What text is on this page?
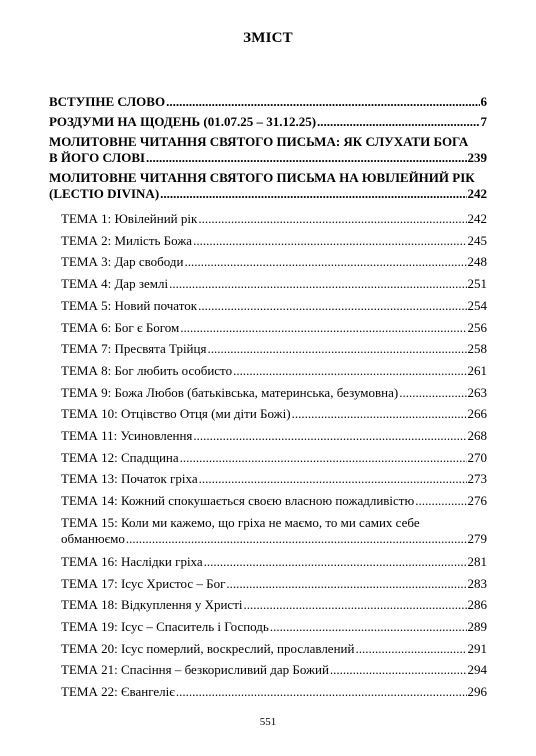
ЗМІСТ
ВСТУПНЕ СЛОВО .....	6
РОЗДУМИ НА ЩОДЕНЬ (01.07.25 – 31.12.25) .....	7
МОЛИТОВНЕ ЧИТАННЯ СВЯТОГО ПИСЬМА: ЯК СЛУХАТИ БОГА
В ЙОГО СЛОВІ .....	239
МОЛИТОВНЕ ЧИТАННЯ СВЯТОГО ПИСЬМА НА ЮВІЛЕЙНИЙ РІК
(LECTIO DIVINA) .....	242
ТЕМА 1: Ювілейний рік .....	242
ТЕМА 2: Милість Божа .....	245
ТЕМА 3: Дар свободи .....	248
ТЕМА 4: Дар землі .....	251
ТЕМА 5: Новий початок .....	254
ТЕМА 6: Бог є Богом .....	256
ТЕМА 7: Пресвята Трійця .....	258
ТЕМА 8: Бог любить особисто .....	261
ТЕМА 9: Божа Любов (батьківська, материнська, безумовна) .....	263
ТЕМА 10: Отцівство Отця (ми діти Божі) .....	266
ТЕМА 11: Усиновлення .....	268
ТЕМА 12: Спадщина .....	270
ТЕМА 13: Початок гріха .....	273
ТЕМА 14: Кожний спокушається своєю власною пожадливістю .....	276
ТЕМА 15: Коли ми кажемо, що гріха не маємо, то ми самих себе
обманюємо .....	279
ТЕМА 16: Наслідки гріха .....	281
ТЕМА 17: Ісус Христос – Бог .....	283
ТЕМА 18: Відкуплення у Христі .....	286
ТЕМА 19: Ісус – Спаситель і Господь .....	289
ТЕМА 20: Ісус померлий, воскреслий, прославлений .....	291
ТЕМА 21: Спасіння – безкорисливий дар Божий .....	294
ТЕМА 22: Євангеліє .....	296
551
